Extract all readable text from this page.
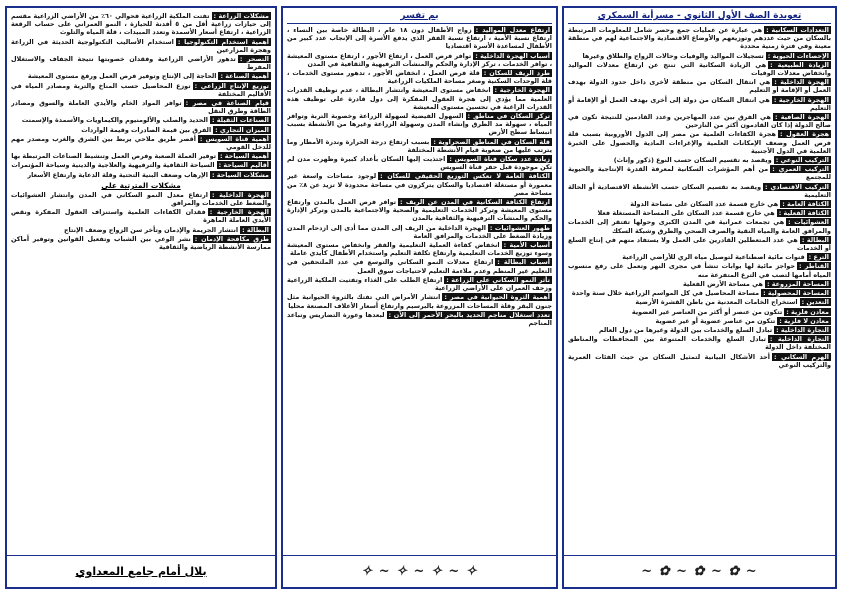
تعويدة الصف الأول الثانوي - مسرأية السمكرى
التعدادات السكانية :هي عبارة عن عمليات جمع وحصر شامل للمعلومات المرتبطة بالسكان من حيث عددهم وتوزيعهم والأوضاع الاقتصادية والاجتماعية لهم في منطقة معينة وفي فترة زمنية محددة
الإحصاءات الحيوية :تسجيلات المواليد والوفيات وحالات الزواج والطلاق وغيرها
الزيادة الطبيعية :هي الزيادة السكانية التي تنتج عن ارتفاع معدلات المواليد وانخفاض معدلات الوفيات
الهجرة الداخلية :هي انتقال السكان من منطقة لأخرى داخل حدود الدولة بهدف العمل أو الإقامة أو التعليم
الهجرة الخارجية :هي انتقال السكان من دولة إلى أخرى بهدف العمل أو الإقامة أو التعليم
الهجرة الصافية :هي الفرق بين عدد المهاجرين وعدد القادمين للنتيجة تكون في صالح الدولة إذا كان القادمون أكثر من النازحين
هجرة العقول :هجرة الكفاءات العلمية من مصر إلى الدول الأوروبية بسبب قلة فرص العمل وضعف الإمكانات العلمية والإغراءات المادية والحصول على الخبرة العلمية في الدول الأجنبية
التركيب النوعي :ويقصد به تقسيم السكان حسب النوع (ذكور وإناث)
التركيب العمري :من أهم المؤشرات السكانية لمعرفة القدرة الإنتاجية والحيوية للمجتمع
التركيب الاقتصادي :ويقصد به تقسيم السكان حسب الأنشطة الاقتصادية أو الحالة التعليمية
الكثافة العامة :هي خارج قسمة عدد السكان على مساحة الدولة
الكثافة الفعلية :هي خارج قسمة عدد السكان على المساحة المستغلة فعلا
العشوائيات :هي تجمعات عمرانية في المدن الكبرى وحولها تفتقر إلى الخدمات والمرافق العامة والمياه النقية والصرف الصحي والطرق وشبكة السكك
البطالة :هي عدد المتعطلين القادرين على العمل ولا يستفاد منهم في إنتاج السلع أو الخدمات
الترع :قنوات مائية اصطناعية لتوصيل مياه الري للأراضي الزراعية
القناطر :حواجز مائية لها بوابات تنشأ في مجرى النهر وتعمل على رفع منسوب المياه أمامها لتصب في الترع المتفرعة منه
المساحة المزروعة :هي مساحة الأرض الفعلية
المساحة المحصولية :مساحة المحاصيل في كل المواسم الزراعية خلال سنة واحدة
التعدين :استخراج الخامات المعدنية من باطن القشرة الأرضية
معادن فلزية :تتكون من عنصر أو أكثر من العناصر غير العضوية
معادن لا فلزية :تتكون من عناصر عضوية أو غير عضوية
التجارة الداخلية :تبادل السلع والخدمات بين الدولة وغيرها من دول العالم
التجارة الداخلية :تبادل السلع والخدمات المتنوعة بين المحافظات والمناطق المختلفة داخل الدولة
الهرم السكاني :أحد الأشكال البيانية لتمثيل السكان من حيث الفئات العمرية والتركيب النوعي
~ ✿ ~ ✿ ~ ✿ ~
بم تفسر
ارتفاع معدل المواليد :زواج الأطفال دون ١٨ عام ، البطالة خاصة بين النساء ، ارتفاع نسبة الأمية ، ارتفاع نسبة الفقر الذي يدفع الأسرة إلى الإنجاب عدد كبير من الأطفال لمساعدة الأسرة اقتصاديا
أسباب الهجرة الداخلية :توافر فرص العمل ، ارتفاع الأجور ، ارتفاع مستوى المعيشة ، توافر الخدمات ، تركز الإدارة والحكم والمنشآت الترفيهية والثقافية في المدن
طرد الريف للسكان :قلة فرص العمل ، انخفاض الأجور ، تدهور مستوى الخدمات ، قلة الوحدات السكنية وصغر مساحة الملكيات الزراعية
الهجرة الخارجية :انخفاض مستوى المعيشة وانتشار البطالة ، عدم توظيف القدرات العلمية مما يؤدي إلى هجرة العقول المفكرة إلى دول قادرة على توظيف هذه القدرات الراغبة في تحسين مستوى المعيشة
تركز السكان في مناطق :السهول الفيضية لسهولة الزراعة وخصوبة التربة وتوافر المياه ، سهولة مد الطرق وإنشاء المدن وسهولة الزراعة وغيرها من الأنشطة بسبب انبساط سطح الأرض
قلة السكان في المناطق الصحراوية :بسبب ارتفاع درجة الحرارة وندرة الأمطار وما يترتب عليها من صعوبة قيام الأنشطة المختلفة
زيادة عدد سكان قناة السويس :اجتذبت إليها السكان بأعداد كبيرة وظهرت مدن لم تكن موجودة قبل حفر قناة السويس
الكثافة العامة لا تعكس التوزيع الحقيقي للسكان :لوجود مساحات واسعة غير معمورة أو مستغلة اقتصاديا والسكان يتركزون في مساحة محدودة لا تزيد عن ٨٪ من مساحة مصر
ارتفاع الكثافة السكانية في المدن عن الريف :توافر فرص العمل بالمدن وارتفاع مستوى المعيشة وتركز الخدمات التعليمية والصحية والاجتماعية بالمدن وتركز الإدارة والحكم والمنشآت الترفيهية والثقافية بالمدن
ظهور العشوائيات :الهجرة الداخلية من الريف إلى المدن مما أدى إلى ازدحام المدن وزيادة الضغط على الخدمات والمرافق العامة
أسباب الأمية :انخفاض كفاءة العملية التعليمية والفقر وانخفاض مستوى المعيشة وسوء توزيع الخدمات التعليمية وارتفاع تكلفة التعليم واستخدام الأطفال كأيدي عاملة
أسباب البطالة :ارتفاع معدلات النمو السكاني والتوسع في عدد الملتحقين في التعليم غير المنظم وعدم ملاءمة التعليم لاحتياجات سوق العمل
تأثر النمو السكاني على الزراعة :ارتفاع الطلب على الغذاء وتفتيت الملكية الزراعية وزحف العمران على الأراضي الزراعية
أهمية الثروة الحيوانية في مصر :انتشار الأمراض التي تفتك بالثروة الحيوانية مثل جنون البقر وقلة المساحات المزروعة بالبرسيم وارتفاع أسعار الأعلاف المصنعة محليا
تعدد استغلال مناجم الحديد بالبحر الأحمر إلى الآن :لبعدها وعورة التضاريس وتباعد المناجم
✧ ~ ✧ ~ ✧ ~ ✧
مشكلات الزراعة :تفتت الملكية الزراعية فحوالي ٦٠٪ من الأراضي الزراعية مقسم إلى حيازات زراعية أقل من ٥ أفدنة للحيازة ، النمو العمراني على حساب الرقعة الزراعية ، ارتفاع أسعار الأسمدة وتعدد المبيدات ، قلة المياه والتلوث
أهمية استخدام التكنولوجيا :استخدام الأساليب التكنولوجية الحديثة في الزراعة وهجرة المزارعين
التصحر :تدهور الأراضي الزراعية وفقدان خصوبتها نتيجة الجفاف والاستغلال المفرط
أهمية الصناعة :الحاجة إلى الإنتاج وتوفير فرص العمل ورفع مستوى المعيشة
توزيع الإنتاج الزراعي :توزع المحاصيل حسب المناخ والتربة ومصادر المياه في الأقاليم المختلفة
قيام الصناعة في مصر :توافر المواد الخام والأيدي العاملة والسوق ومصادر الطاقة وطرق النقل
الصناعات الثقيلة :الحديد والصلب والألومنيوم والكيماويات والأسمدة والإسمنت
الميزان التجاري :الفرق بين قيمة الصادرات وقيمة الواردات
أهمية قناة السويس :أقصر طريق ملاحي يربط بين الشرق والغرب ومصدر مهم للدخل القومي
أهمية السياحة :توفير العملة الصعبة وفرص العمل وتنشيط الصناعات المرتبطة بها
أقاليم السياحة :السياحة الثقافية والترفيهية والعلاجية والدينية وسياحة المؤتمرات
مشكلات السياحة :الإرهاب وضعف البنية التحتية وقلة الدعاية وارتفاع الأسعار
مشكلات المترتبة على
الهجرة الداخلية :ارتفاع معدل النمو السكاني في المدن وانتشار العشوائيات والضغط على الخدمات والمرافق
الهجرة الخارجية :فقدان الكفاءات العلمية واستنزاف العقول المفكرة ونقص الأيدي العاملة الماهرة
البطالة :انتشار الجريمة والإدمان وتأخر سن الزواج وضعف الإنتاج
طرق مكافحة الإدمان :نشر الوعي بين الشباب وتفعيل القوانين وتوفير أماكن ممارسة الأنشطة الرياضية والثقافية
بلال أمام جامع المعداوي
